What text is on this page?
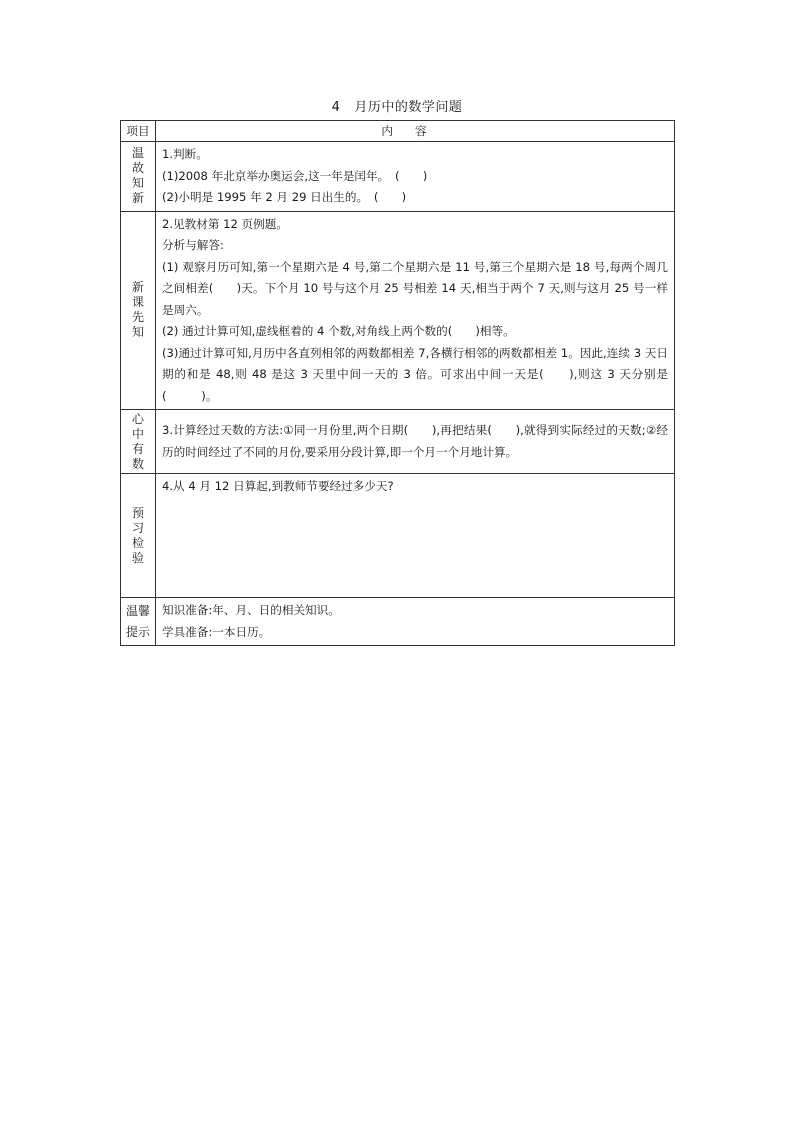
4 月历中的数学问题
项目	内容
温故知新	1.判断。
(1)2008 年北京举办奥运会,这一年是闰年。　(　　)
(2)小明是 1995 年 2 月 29 日出生的。　(　　)

新课先知	2.见教材第 12 页例题。
分析与解答:
(1) 观察月历可知,第一个星期六是 4 号,第二个星期六是 11 号,第三个星期六是 18 号,每两个周几之间相差(　　)天。下个月 10 号与这个月 25 号相差 14 天,相当于两个 7 天,则与这月 25 号一样是周六。
(2) 通过计算可知,虚线框着的 4 个数,对角线上两个数的(　　)相等。
(3)通过计算可知,月历中各直列相邻的两数都相差 7,各横行相邻的两数都相差 1。因此,连续 3 天日期的和是 48,则 48 是这 3 天里中间一天的 3 倍。可求出中间一天是(　　),则这 3 天分别是(　　　)。

心中有数	3.计算经过天数的方法:①同一月份里,两个日期(　　),再把结果(　　),就得到实际经过的天数;②经历的时间经过了不同的月份,要采用分段计算,即一个月一个月地计算。

预习检验	4.从 4 月 12 日算起,到教师节要经过多少天?

温馨
提示	知识准备:年、月、日的相关知识。
学具准备:一本日历。
